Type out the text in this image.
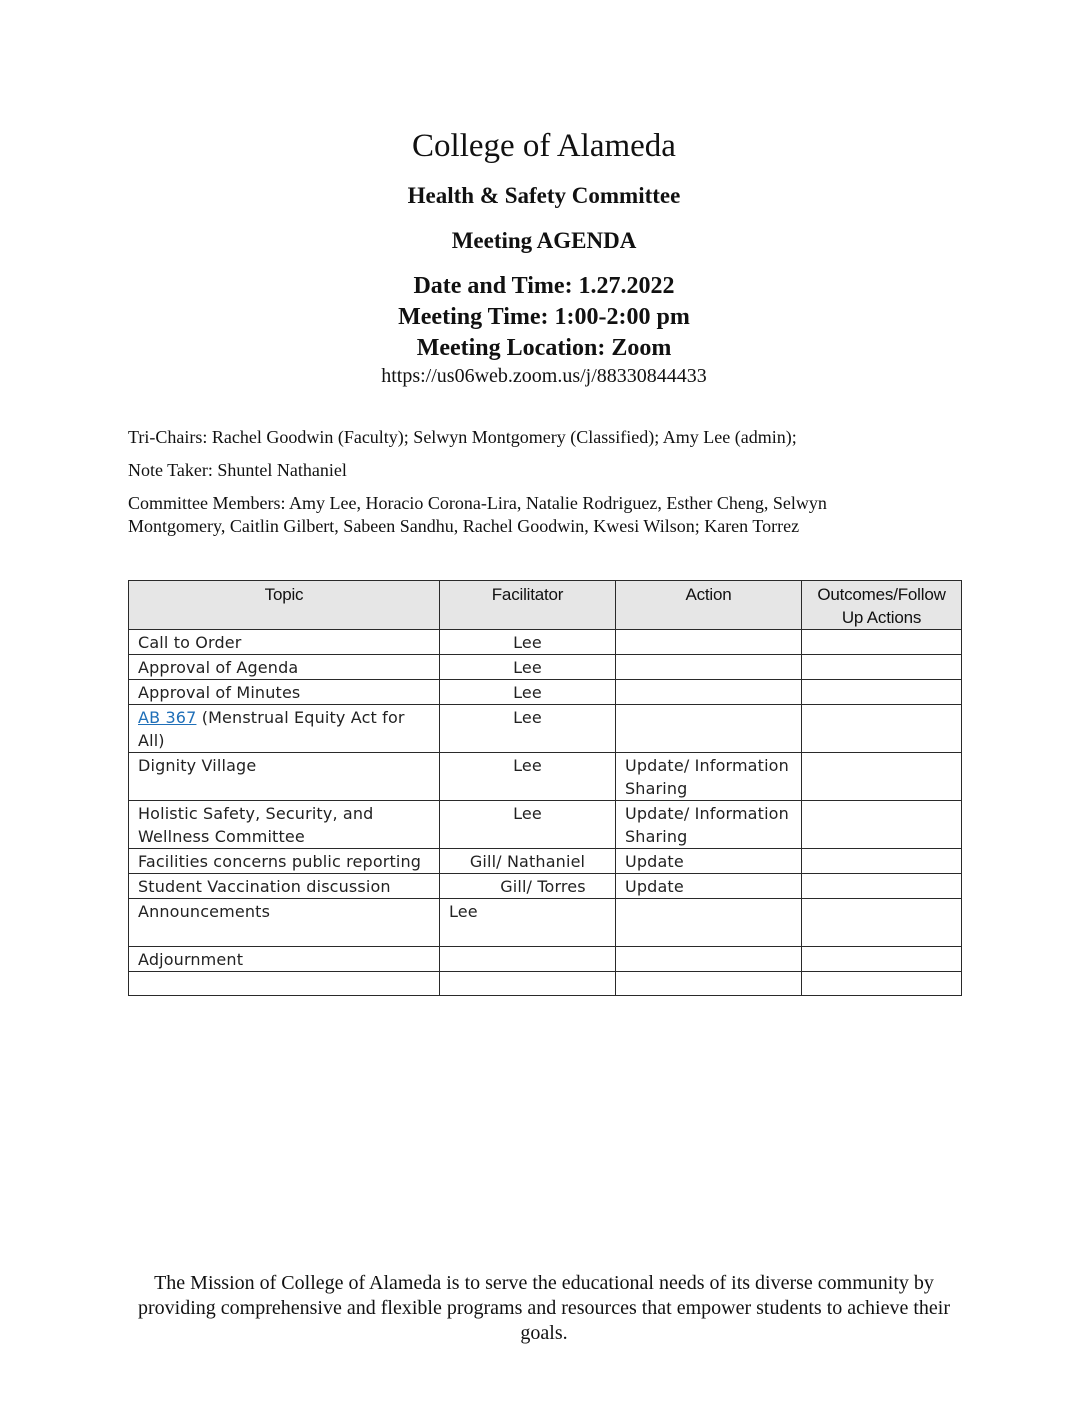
College of Alameda
Health & Safety Committee
Meeting AGENDA
Date and Time: 1.27.2022
Meeting Time: 1:00-2:00 pm
Meeting Location: Zoom
https://us06web.zoom.us/j/88330844433
Tri-Chairs: Rachel Goodwin (Faculty); Selwyn Montgomery (Classified); Amy Lee (admin);
Note Taker: Shuntel Nathaniel
Committee Members: Amy Lee, Horacio Corona-Lira, Natalie Rodriguez, Esther Cheng, Selwyn Montgomery, Caitlin Gilbert, Sabeen Sandhu, Rachel Goodwin, Kwesi Wilson; Karen Torrez
Topic	Facilitator	Action	Outcomes/Follow Up Actions
Call to Order	Lee		
Approval of Agenda	Lee		
Approval of Minutes	Lee		
AB 367 (Menstrual Equity Act for All)	Lee		
Dignity Village	Lee	Update/ Information Sharing	
Holistic Safety, Security, and Wellness Committee	Lee	Update/ Information Sharing	
Facilities concerns public reporting	Gill/ Nathaniel	Update	
Student Vaccination discussion	Gill/ Torres	Update	
Announcements	Lee		
Adjournment			

The Mission of College of Alameda is to serve the educational needs of its diverse community by providing comprehensive and flexible programs and resources that empower students to achieve their goals.
